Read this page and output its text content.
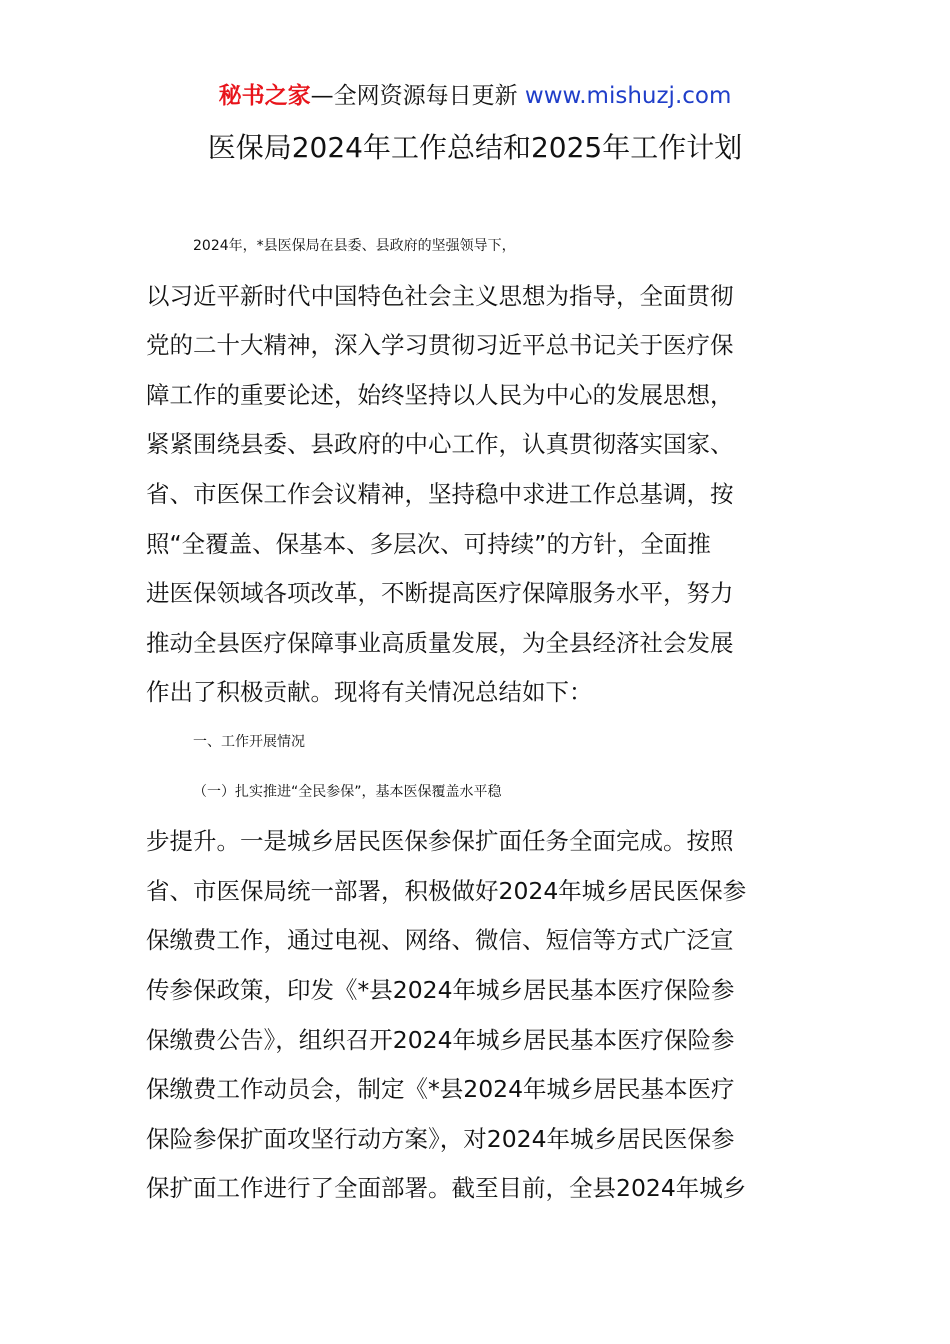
秘书之家—全网资源每日更新 www.mishuzj.com
医保局2024年工作总结和2025年工作计划

2024年，*县医保局在县委、县政府的坚强领导下，
以习近平新时代中国特色社会主义思想为指导，全面贯彻
党的二十大精神，深入学习贯彻习近平总书记关于医疗保
障工作的重要论述，始终坚持以人民为中心的发展思想，
紧紧围绕县委、县政府的中心工作，认真贯彻落实国家、
省、市医保工作会议精神，坚持稳中求进工作总基调，按
照“全覆盖、保基本、多层次、可持续”的方针，全面推
进医保领域各项改革，不断提高医疗保障服务水平，努力
推动全县医疗保障事业高质量发展，为全县经济社会发展
作出了积极贡献。现将有关情况总结如下：

一、工作开展情况

（一）扎实推进“全民参保”，基本医保覆盖水平稳
步提升。一是城乡居民医保参保扩面任务全面完成。按照
省、市医保局统一部署，积极做好2024年城乡居民医保参
保缴费工作，通过电视、网络、微信、短信等方式广泛宣
传参保政策，印发《*县2024年城乡居民基本医疗保险参
保缴费公告》，组织召开2024年城乡居民基本医疗保险参
保缴费工作动员会，制定《*县2024年城乡居民基本医疗
保险参保扩面攻坚行动方案》，对2024年城乡居民医保参
保扩面工作进行了全面部署。截至目前，全县2024年城乡
